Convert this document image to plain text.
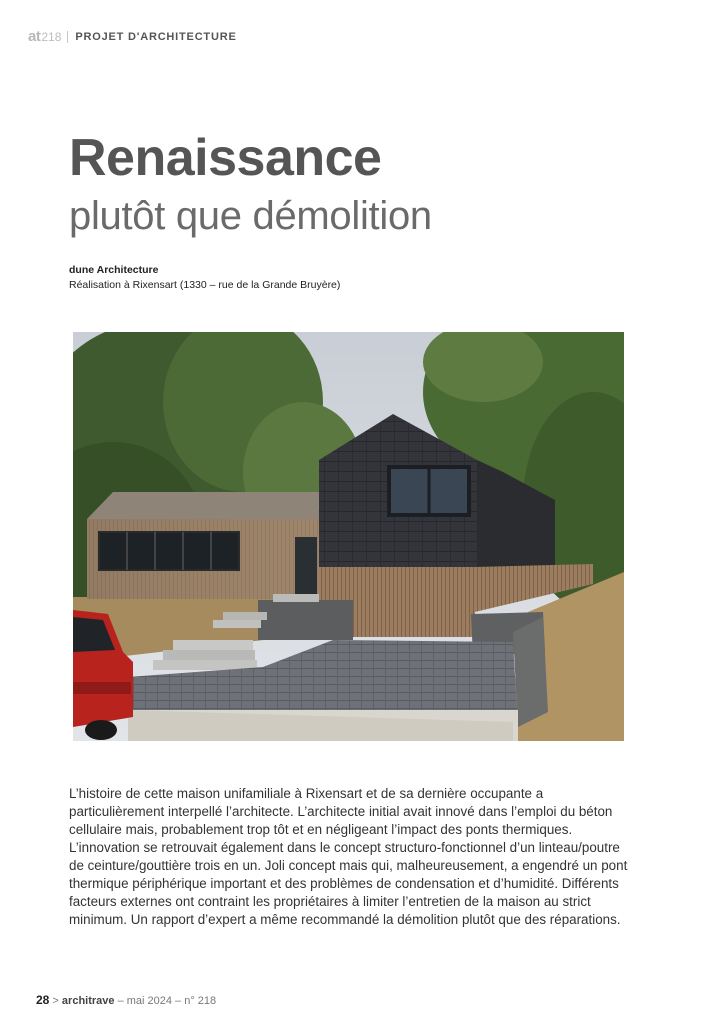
at 218 PROJET D'ARCHITECTURE
Renaissance
plutôt que démolition
dune Architecture
Réalisation à Rixensart (1330 – rue de la Grande Bruyère)

L’histoire de cette maison unifamiliale à Rixensart et de sa dernière occupante a particulièrement interpellé l’architecte. L’architecte initial avait innové dans l’emploi du béton cellulaire mais, probablement trop tôt et en négligeant l’impact des ponts thermiques. L’innovation se retrouvait également dans le concept structuro-fonctionnel d’un linteau/poutre de ceinture/gouttière trois en un. Joli concept mais qui, malheureusement, a engendré un pont thermique périphérique important et des problèmes de condensation et d’humidité. Différents facteurs externes ont contraint les propriétaires à limiter l’entretien de la maison au strict minimum. Un rapport d’expert a même recommandé la démolition plutôt que des réparations.

28 > architrave – mai 2024 – n° 218
